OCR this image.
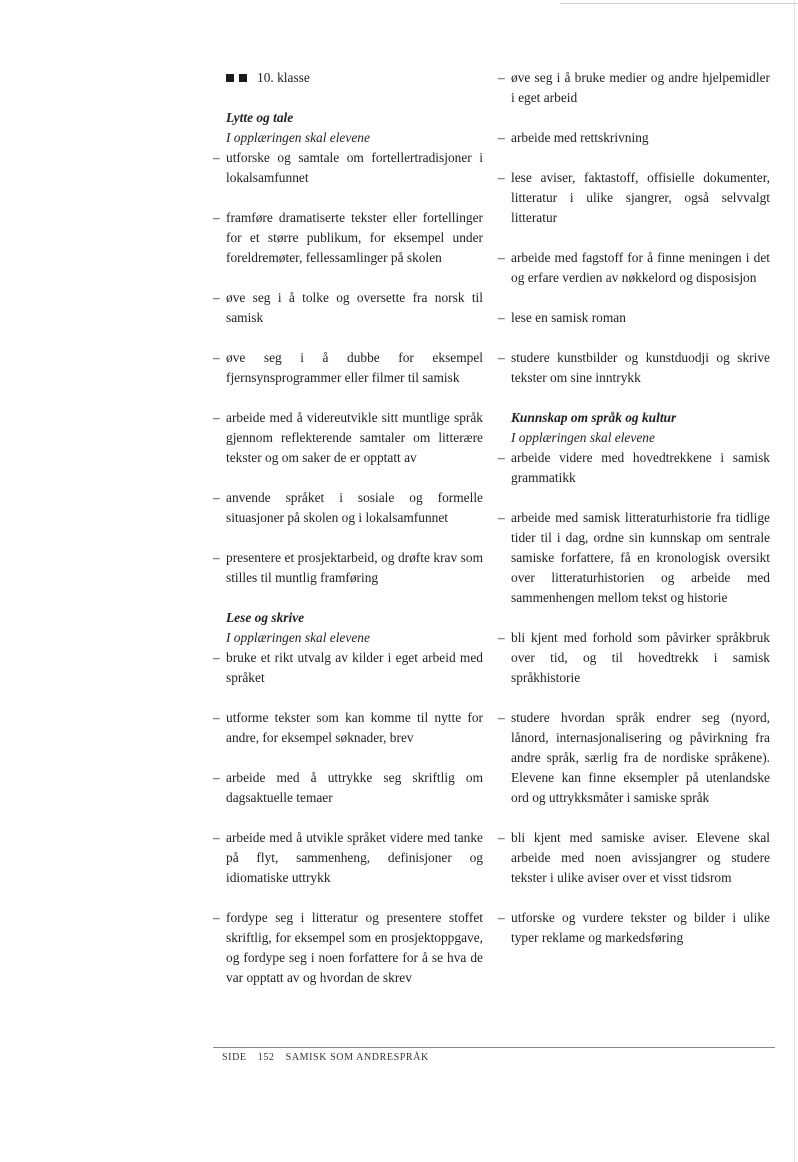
10. klasse
Lytte og tale
I opplæringen skal elevene
– utforske og samtale om fortellertradisjoner i lokalsamfunnet
– framføre dramatiserte tekster eller fortellinger for et større publikum, for eksempel under foreldremøter, fellessamlinger på skolen
– øve seg i å tolke og oversette fra norsk til samisk
– øve seg i å dubbe for eksempel fjernsynsprogrammer eller filmer til samisk
– arbeide med å videreutvikle sitt muntlige språk gjennom reflekterende samtaler om litterære tekster og om saker de er opptatt av
– anvende språket i sosiale og formelle situasjoner på skolen og i lokalsamfunnet
– presentere et prosjektarbeid, og drøfte krav som stilles til muntlig framføring
Lese og skrive
I opplæringen skal elevene
– bruke et rikt utvalg av kilder i eget arbeid med språket
– utforme tekster som kan komme til nytte for andre, for eksempel søknader, brev
– arbeide med å uttrykke seg skriftlig om dagsaktuelle temaer
– arbeide med å utvikle språket videre med tanke på flyt, sammenheng, definisjoner og idiomatiske uttrykk
– fordype seg i litteratur og presentere stoffet skriftlig, for eksempel som en prosjektoppgave, og fordype seg i noen forfattere for å se hva de var opptatt av og hvordan de skrev
– øve seg i å bruke medier og andre hjelpemidler i eget arbeid
– arbeide med rettskrivning
– lese aviser, faktastoff, offisielle dokumenter, litteratur i ulike sjangrer, også selvvalgt litteratur
– arbeide med fagstoff for å finne meningen i det og erfare verdien av nøkkelord og disposisjon
– lese en samisk roman
– studere kunstbilder og kunstduodji og skrive tekster om sine inntrykk
Kunnskap om språk og kultur
I opplæringen skal elevene
– arbeide videre med hovedtrekkene i samisk grammatikk
– arbeide med samisk litteraturhistorie fra tidlige tider til i dag, ordne sin kunnskap om sentrale samiske forfattere, få en kronologisk oversikt over litteraturhistorien og arbeide med sammenhengen mellom tekst og historie
– bli kjent med forhold som påvirker språkbruk over tid, og til hovedtrekk i samisk språkhistorie
– studere hvordan språk endrer seg (nyord, lånord, internasjonalisering og påvirkning fra andre språk, særlig fra de nordiske språkene). Elevene kan finne eksempler på utenlandske ord og uttrykksmåter i samiske språk
– bli kjent med samiske aviser. Elevene skal arbeide med noen avissjangrer og studere tekster i ulike aviser over et visst tidsrom
– utforske og vurdere tekster og bilder i ulike typer reklame og markedsføring
SIDE 152 SAMISK SOM ANDRESPRÅK
